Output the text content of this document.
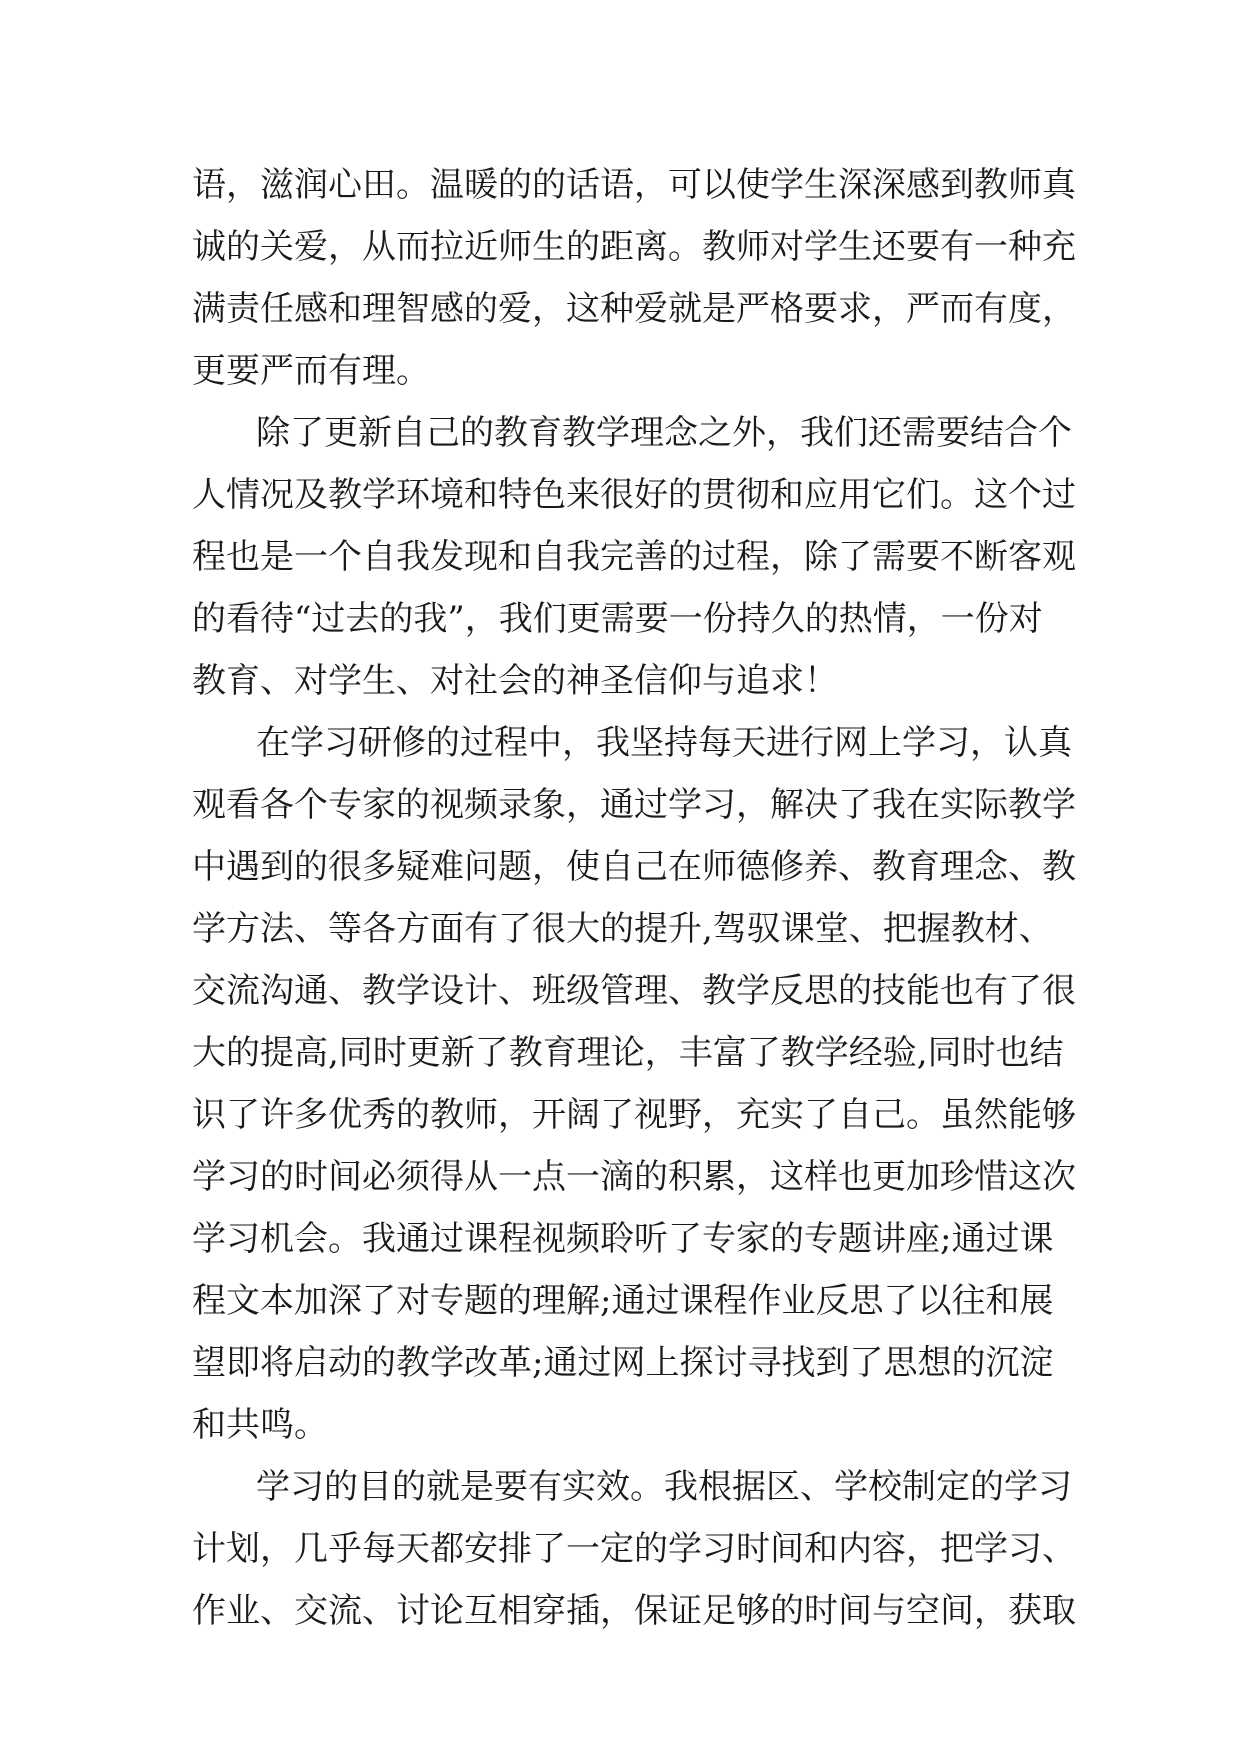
语，滋润心田。温暖的的话语，可以使学生深深感到教师真
诚的关爱，从而拉近师生的距离。教师对学生还要有一种充
满责任感和理智感的爱，这种爱就是严格要求，严而有度，
更要严而有理。
除了更新自己的教育教学理念之外，我们还需要结合个
人情况及教学环境和特色来很好的贯彻和应用它们。这个过
程也是一个自我发现和自我完善的过程，除了需要不断客观
的看待“过去的我”，我们更需要一份持久的热情，一份对
教育、对学生、对社会的神圣信仰与追求！
在学习研修的过程中，我坚持每天进行网上学习，认真
观看各个专家的视频录象，通过学习，解决了我在实际教学
中遇到的很多疑难问题，使自己在师德修养、教育理念、教
学方法、等各方面有了很大的提升,驾驭课堂、把握教材、
交流沟通、教学设计、班级管理、教学反思的技能也有了很
大的提高,同时更新了教育理论，丰富了教学经验,同时也结
识了许多优秀的教师，开阔了视野，充实了自己。虽然能够
学习的时间必须得从一点一滴的积累，这样也更加珍惜这次
学习机会。我通过课程视频聆听了专家的专题讲座;通过课
程文本加深了对专题的理解;通过课程作业反思了以往和展
望即将启动的教学改革;通过网上探讨寻找到了思想的沉淀
和共鸣。
学习的目的就是要有实效。我根据区、学校制定的学习
计划，几乎每天都安排了一定的学习时间和内容，把学习、
作业、交流、讨论互相穿插，保证足够的时间与空间，获取
